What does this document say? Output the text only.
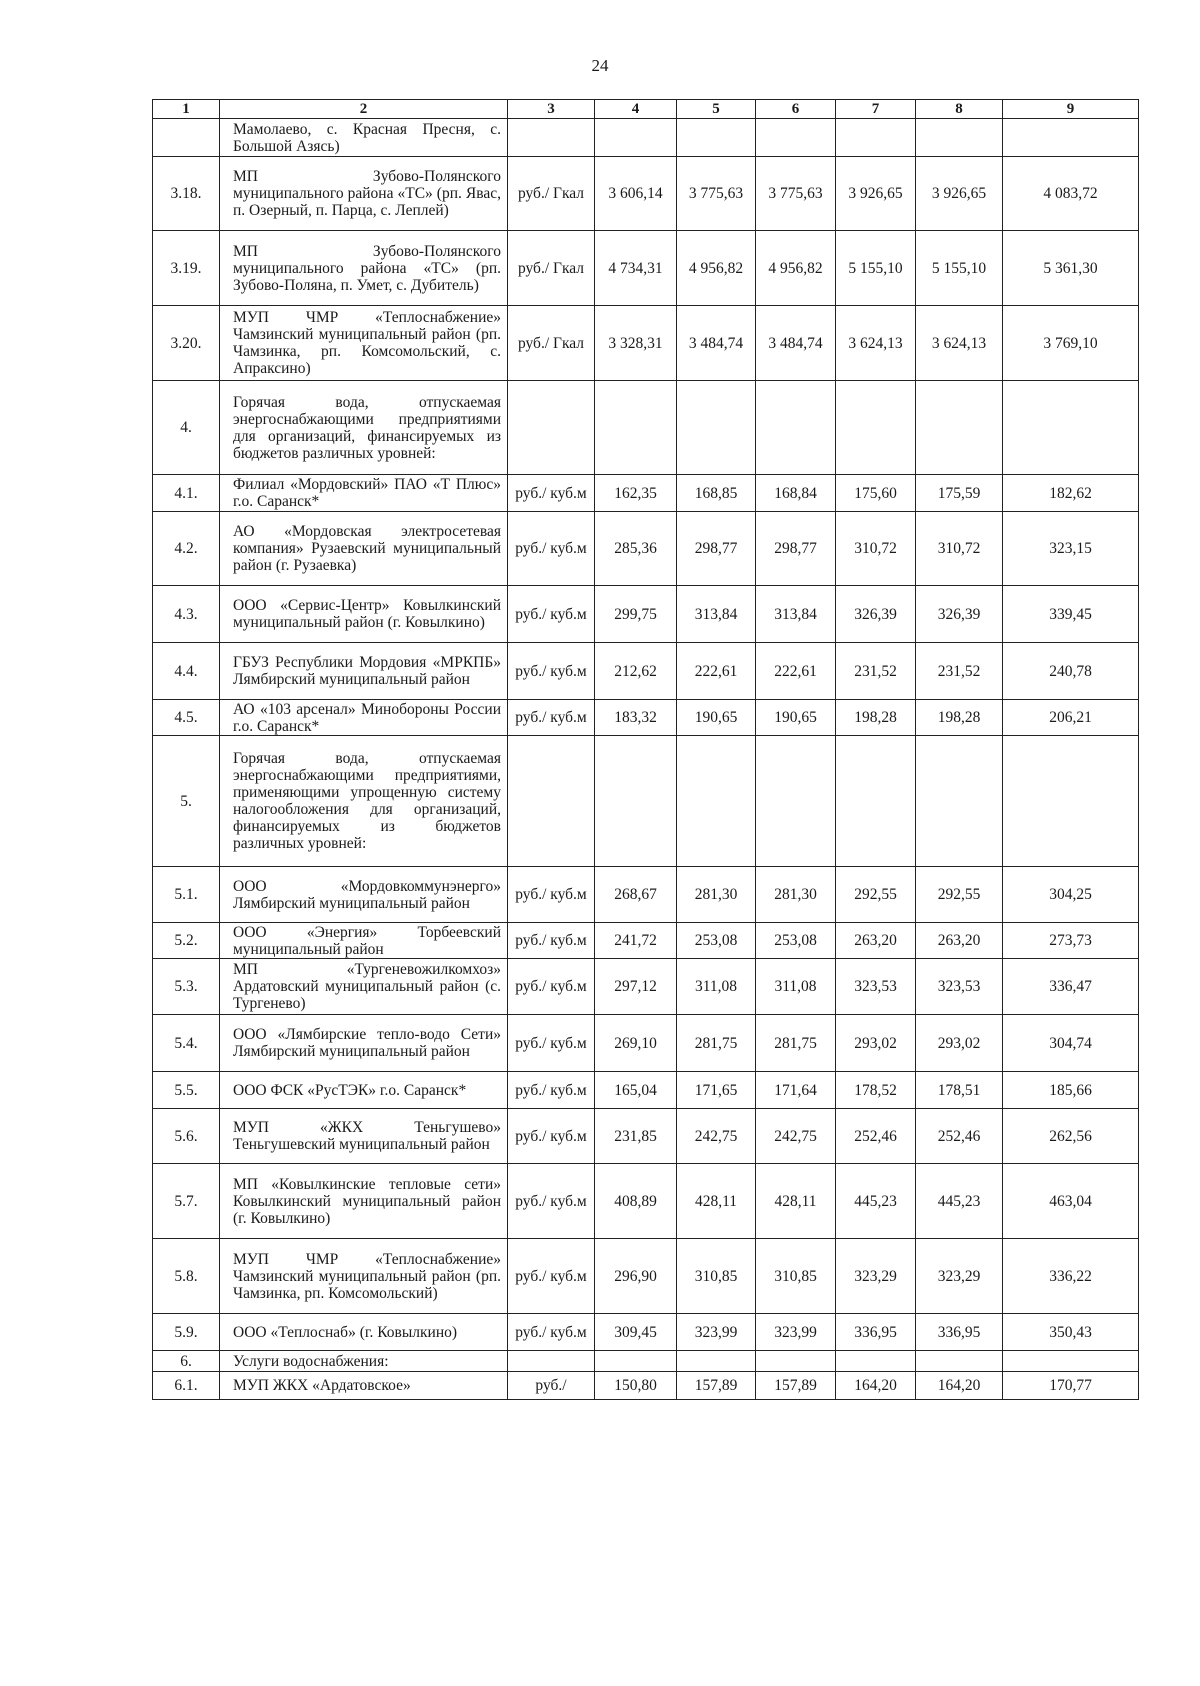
24
1	2	3	4	5	6	7	8	9
	Мамолаево, с. Красная Пресня, с. Большой Азясь)							
3.18.	МП Зубово-Полянского муниципального района «ТС» (рп. Явас, п. Озерный, п. Парца, с. Леплей)	руб./ Гкал	3 606,14	3 775,63	3 775,63	3 926,65	3 926,65	4 083,72
3.19.	МП Зубово-Полянского муниципального района «ТС» (рп. Зубово-Поляна, п. Умет, с. Дубитель)	руб./ Гкал	4 734,31	4 956,82	4 956,82	5 155,10	5 155,10	5 361,30
3.20.	МУП ЧМР «Теплоснабжение» Чамзинский муниципальный район (рп. Чамзинка, рп. Комсомольский, с. Апраксино)	руб./ Гкал	3 328,31	3 484,74	3 484,74	3 624,13	3 624,13	3 769,10
4.	Горячая вода, отпускаемая энергоснабжающими предприятиями для организаций, финансируемых из бюджетов различных уровней:							
4.1.	Филиал «Мордовский» ПАО «Т Плюс» г.о. Саранск*	руб./ куб.м	162,35	168,85	168,84	175,60	175,59	182,62
4.2.	АО «Мордовская электросетевая компания» Рузаевский муниципальный район (г. Рузаевка)	руб./ куб.м	285,36	298,77	298,77	310,72	310,72	323,15
4.3.	ООО «Сервис-Центр» Ковылкинский муниципальный район (г. Ковылкино)	руб./ куб.м	299,75	313,84	313,84	326,39	326,39	339,45
4.4.	ГБУЗ Республики Мордовия «МРКПБ» Лямбирский муниципальный район	руб./ куб.м	212,62	222,61	222,61	231,52	231,52	240,78
4.5.	АО «103 арсенал» Минобороны России г.о. Саранск*	руб./ куб.м	183,32	190,65	190,65	198,28	198,28	206,21
5.	Горячая вода, отпускаемая энергоснабжающими предприятиями, применяющими упрощенную систему налогообложения для организаций, финансируемых из бюджетов различных уровней:							
5.1.	ООО «Мордовкоммунэнерго» Лямбирский муниципальный район	руб./ куб.м	268,67	281,30	281,30	292,55	292,55	304,25
5.2.	ООО «Энергия» Торбеевский муниципальный район	руб./ куб.м	241,72	253,08	253,08	263,20	263,20	273,73
5.3.	МП «Тургеневожилкомхоз» Ардатовский муниципальный район (с. Тургенево)	руб./ куб.м	297,12	311,08	311,08	323,53	323,53	336,47
5.4.	ООО «Лямбирские тепло-водо Сети» Лямбирский муниципальный район	руб./ куб.м	269,10	281,75	281,75	293,02	293,02	304,74
5.5.	ООО ФСК «РусТЭК» г.о. Саранск*	руб./ куб.м	165,04	171,65	171,64	178,52	178,51	185,66
5.6.	МУП «ЖКХ Теньгушево» Теньгушевский муниципальный район	руб./ куб.м	231,85	242,75	242,75	252,46	252,46	262,56
5.7.	МП «Ковылкинские тепловые сети» Ковылкинский муниципальный район (г. Ковылкино)	руб./ куб.м	408,89	428,11	428,11	445,23	445,23	463,04
5.8.	МУП ЧМР «Теплоснабжение» Чамзинский муниципальный район (рп. Чамзинка, рп. Комсомольский)	руб./ куб.м	296,90	310,85	310,85	323,29	323,29	336,22
5.9.	ООО «Теплоснаб» (г. Ковылкино)	руб./ куб.м	309,45	323,99	323,99	336,95	336,95	350,43
6.	Услуги водоснабжения:							
6.1.	МУП ЖКХ «Ардатовское»	руб./	150,80	157,89	157,89	164,20	164,20	170,77
